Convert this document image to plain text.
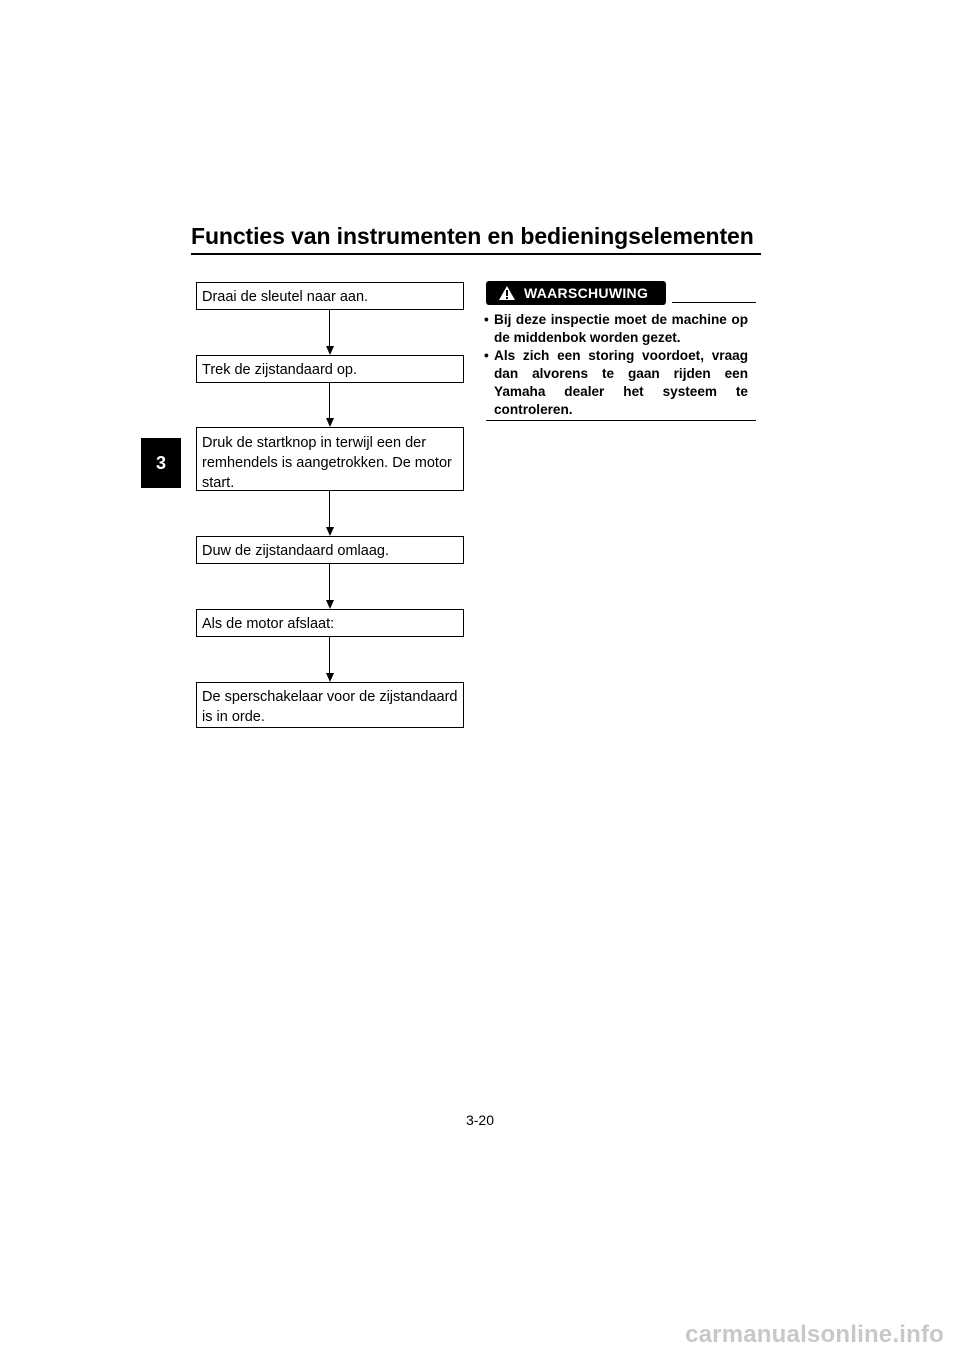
Functies van instrumenten en bedieningselementen
3
Draai de sleutel naar aan.
Trek de zijstandaard op.
Druk de startknop in terwijl een der remhendels is aangetrokken. De motor start.
Duw de zijstandaard omlaag.
Als de motor afslaat:
De sperschakelaar voor de zijstandaard is in orde.
WAARSCHUWING
• Bij deze inspectie moet de machine op de middenbok worden gezet.
• Als zich een storing voordoet, vraag dan alvorens te gaan rijden een Yamaha dealer het systeem te controleren.
3-20
carmanualsonline.info
